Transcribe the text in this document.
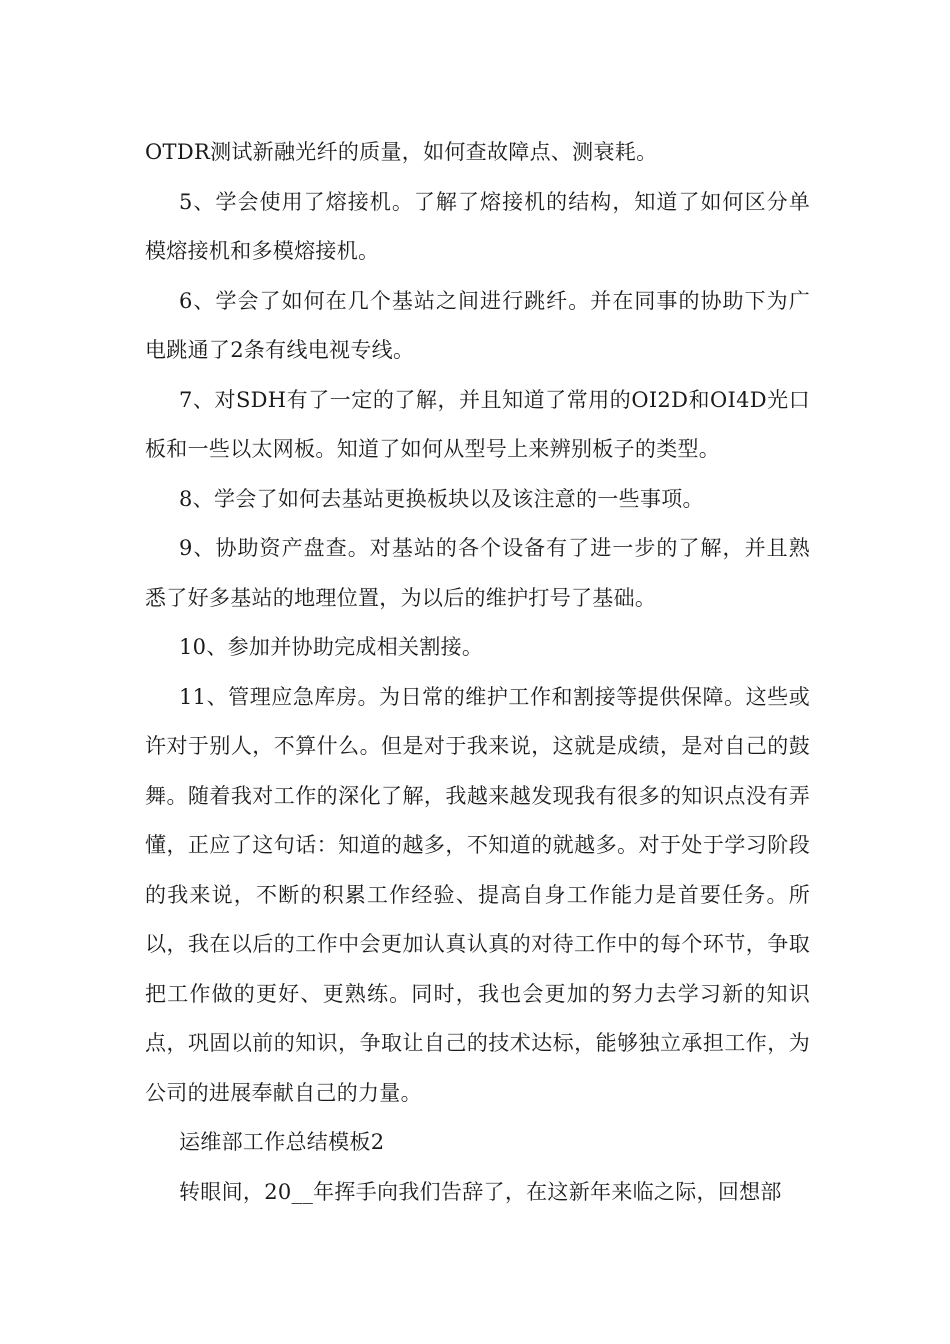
OTDR测试新融光纤的质量，如何查故障点、测衰耗。

5、学会使用了熔接机。了解了熔接机的结构，知道了如何区分单模熔接机和多模熔接机。

6、学会了如何在几个基站之间进行跳纤。并在同事的协助下为广电跳通了2条有线电视专线。

7、对SDH有了一定的了解，并且知道了常用的OI2D和OI4D光口板和一些以太网板。知道了如何从型号上来辨别板子的类型。

8、学会了如何去基站更换板块以及该注意的一些事项。

9、协助资产盘查。对基站的各个设备有了进一步的了解，并且熟悉了好多基站的地理位置，为以后的维护打号了基础。

10、参加并协助完成相关割接。

11、管理应急库房。为日常的维护工作和割接等提供保障。这些或许对于别人，不算什么。但是对于我来说，这就是成绩，是对自己的鼓舞。随着我对工作的深化了解，我越来越发现我有很多的知识点没有弄懂，正应了这句话：知道的越多，不知道的就越多。对于处于学习阶段的我来说，不断的积累工作经验、提高自身工作能力是首要任务。所以，我在以后的工作中会更加认真认真的对待工作中的每个环节，争取把工作做的更好、更熟练。同时，我也会更加的努力去学习新的知识点，巩固以前的知识，争取让自己的技术达标，能够独立承担工作，为公司的进展奉献自己的力量。

运维部工作总结模板2

转眼间，20__年挥手向我们告辞了，在这新年来临之际，回想部
